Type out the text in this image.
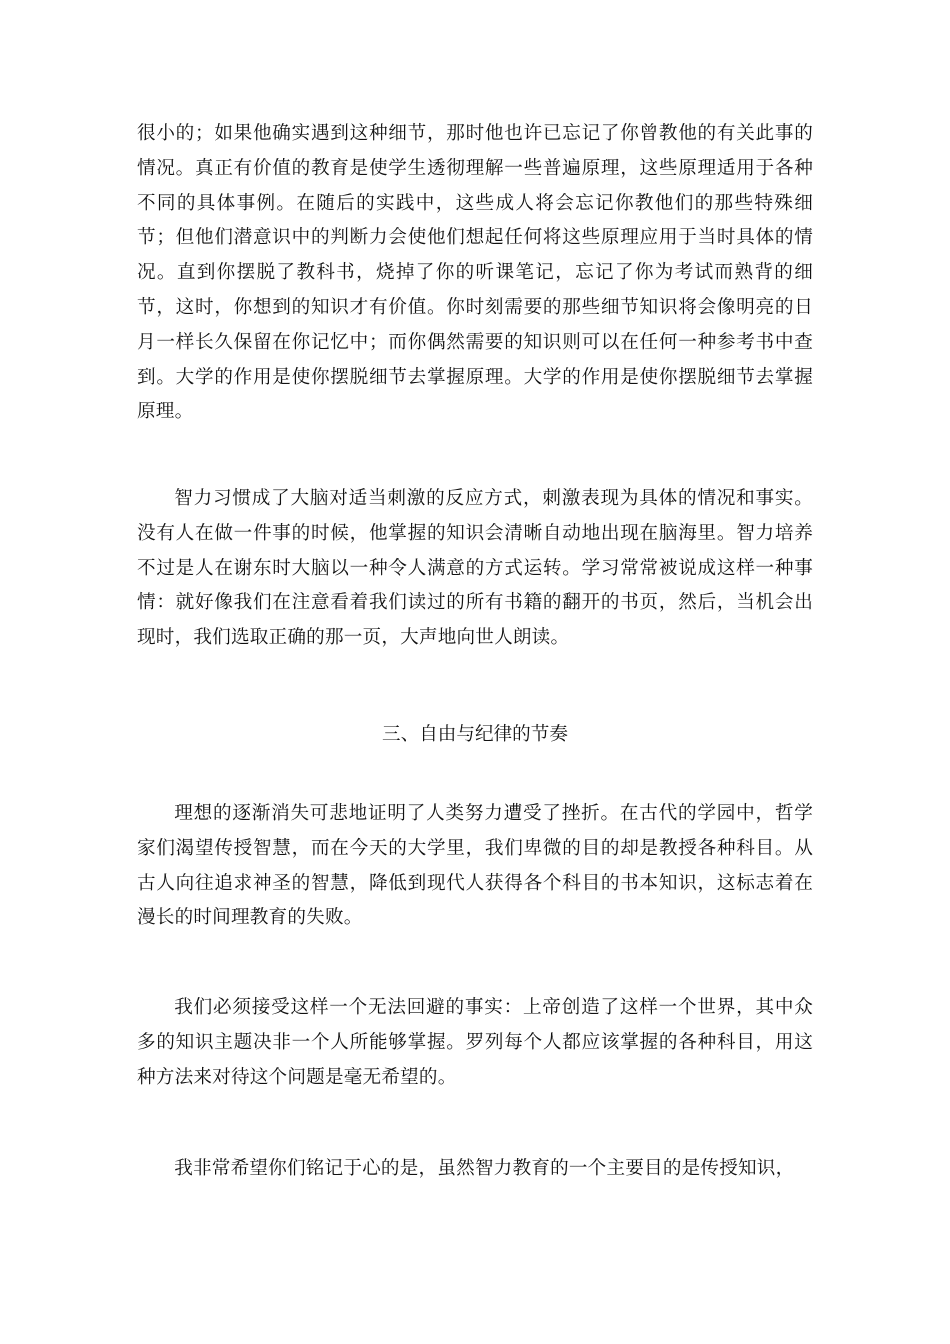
很小的；如果他确实遇到这种细节，那时他也许已忘记了你曾教他的有关此事的情况。真正有价值的教育是使学生透彻理解一些普遍原理，这些原理适用于各种不同的具体事例。在随后的实践中，这些成人将会忘记你教他们的那些特殊细节；但他们潜意识中的判断力会使他们想起任何将这些原理应用于当时具体的情况。直到你摆脱了教科书，烧掉了你的听课笔记，忘记了你为考试而熟背的细节，这时，你想到的知识才有价值。你时刻需要的那些细节知识将会像明亮的日月一样长久保留在你记忆中；而你偶然需要的知识则可以在任何一种参考书中查到。大学的作用是使你摆脱细节去掌握原理。大学的作用是使你摆脱细节去掌握原理。

智力习惯成了大脑对适当刺激的反应方式，刺激表现为具体的情况和事实。没有人在做一件事的时候，他掌握的知识会清晰自动地出现在脑海里。智力培养不过是人在谢东时大脑以一种令人满意的方式运转。学习常常被说成这样一种事情：就好像我们在注意看着我们读过的所有书籍的翻开的书页，然后，当机会出现时，我们选取正确的那一页，大声地向世人朗读。

三、自由与纪律的节奏

理想的逐渐消失可悲地证明了人类努力遭受了挫折。在古代的学园中，哲学家们渴望传授智慧，而在今天的大学里，我们卑微的目的却是教授各种科目。从古人向往追求神圣的智慧，降低到现代人获得各个科目的书本知识，这标志着在漫长的时间理教育的失败。

我们必须接受这样一个无法回避的事实：上帝创造了这样一个世界，其中众多的知识主题决非一个人所能够掌握。罗列每个人都应该掌握的各种科目，用这种方法来对待这个问题是毫无希望的。

我非常希望你们铭记于心的是，虽然智力教育的一个主要目的是传授知识，
